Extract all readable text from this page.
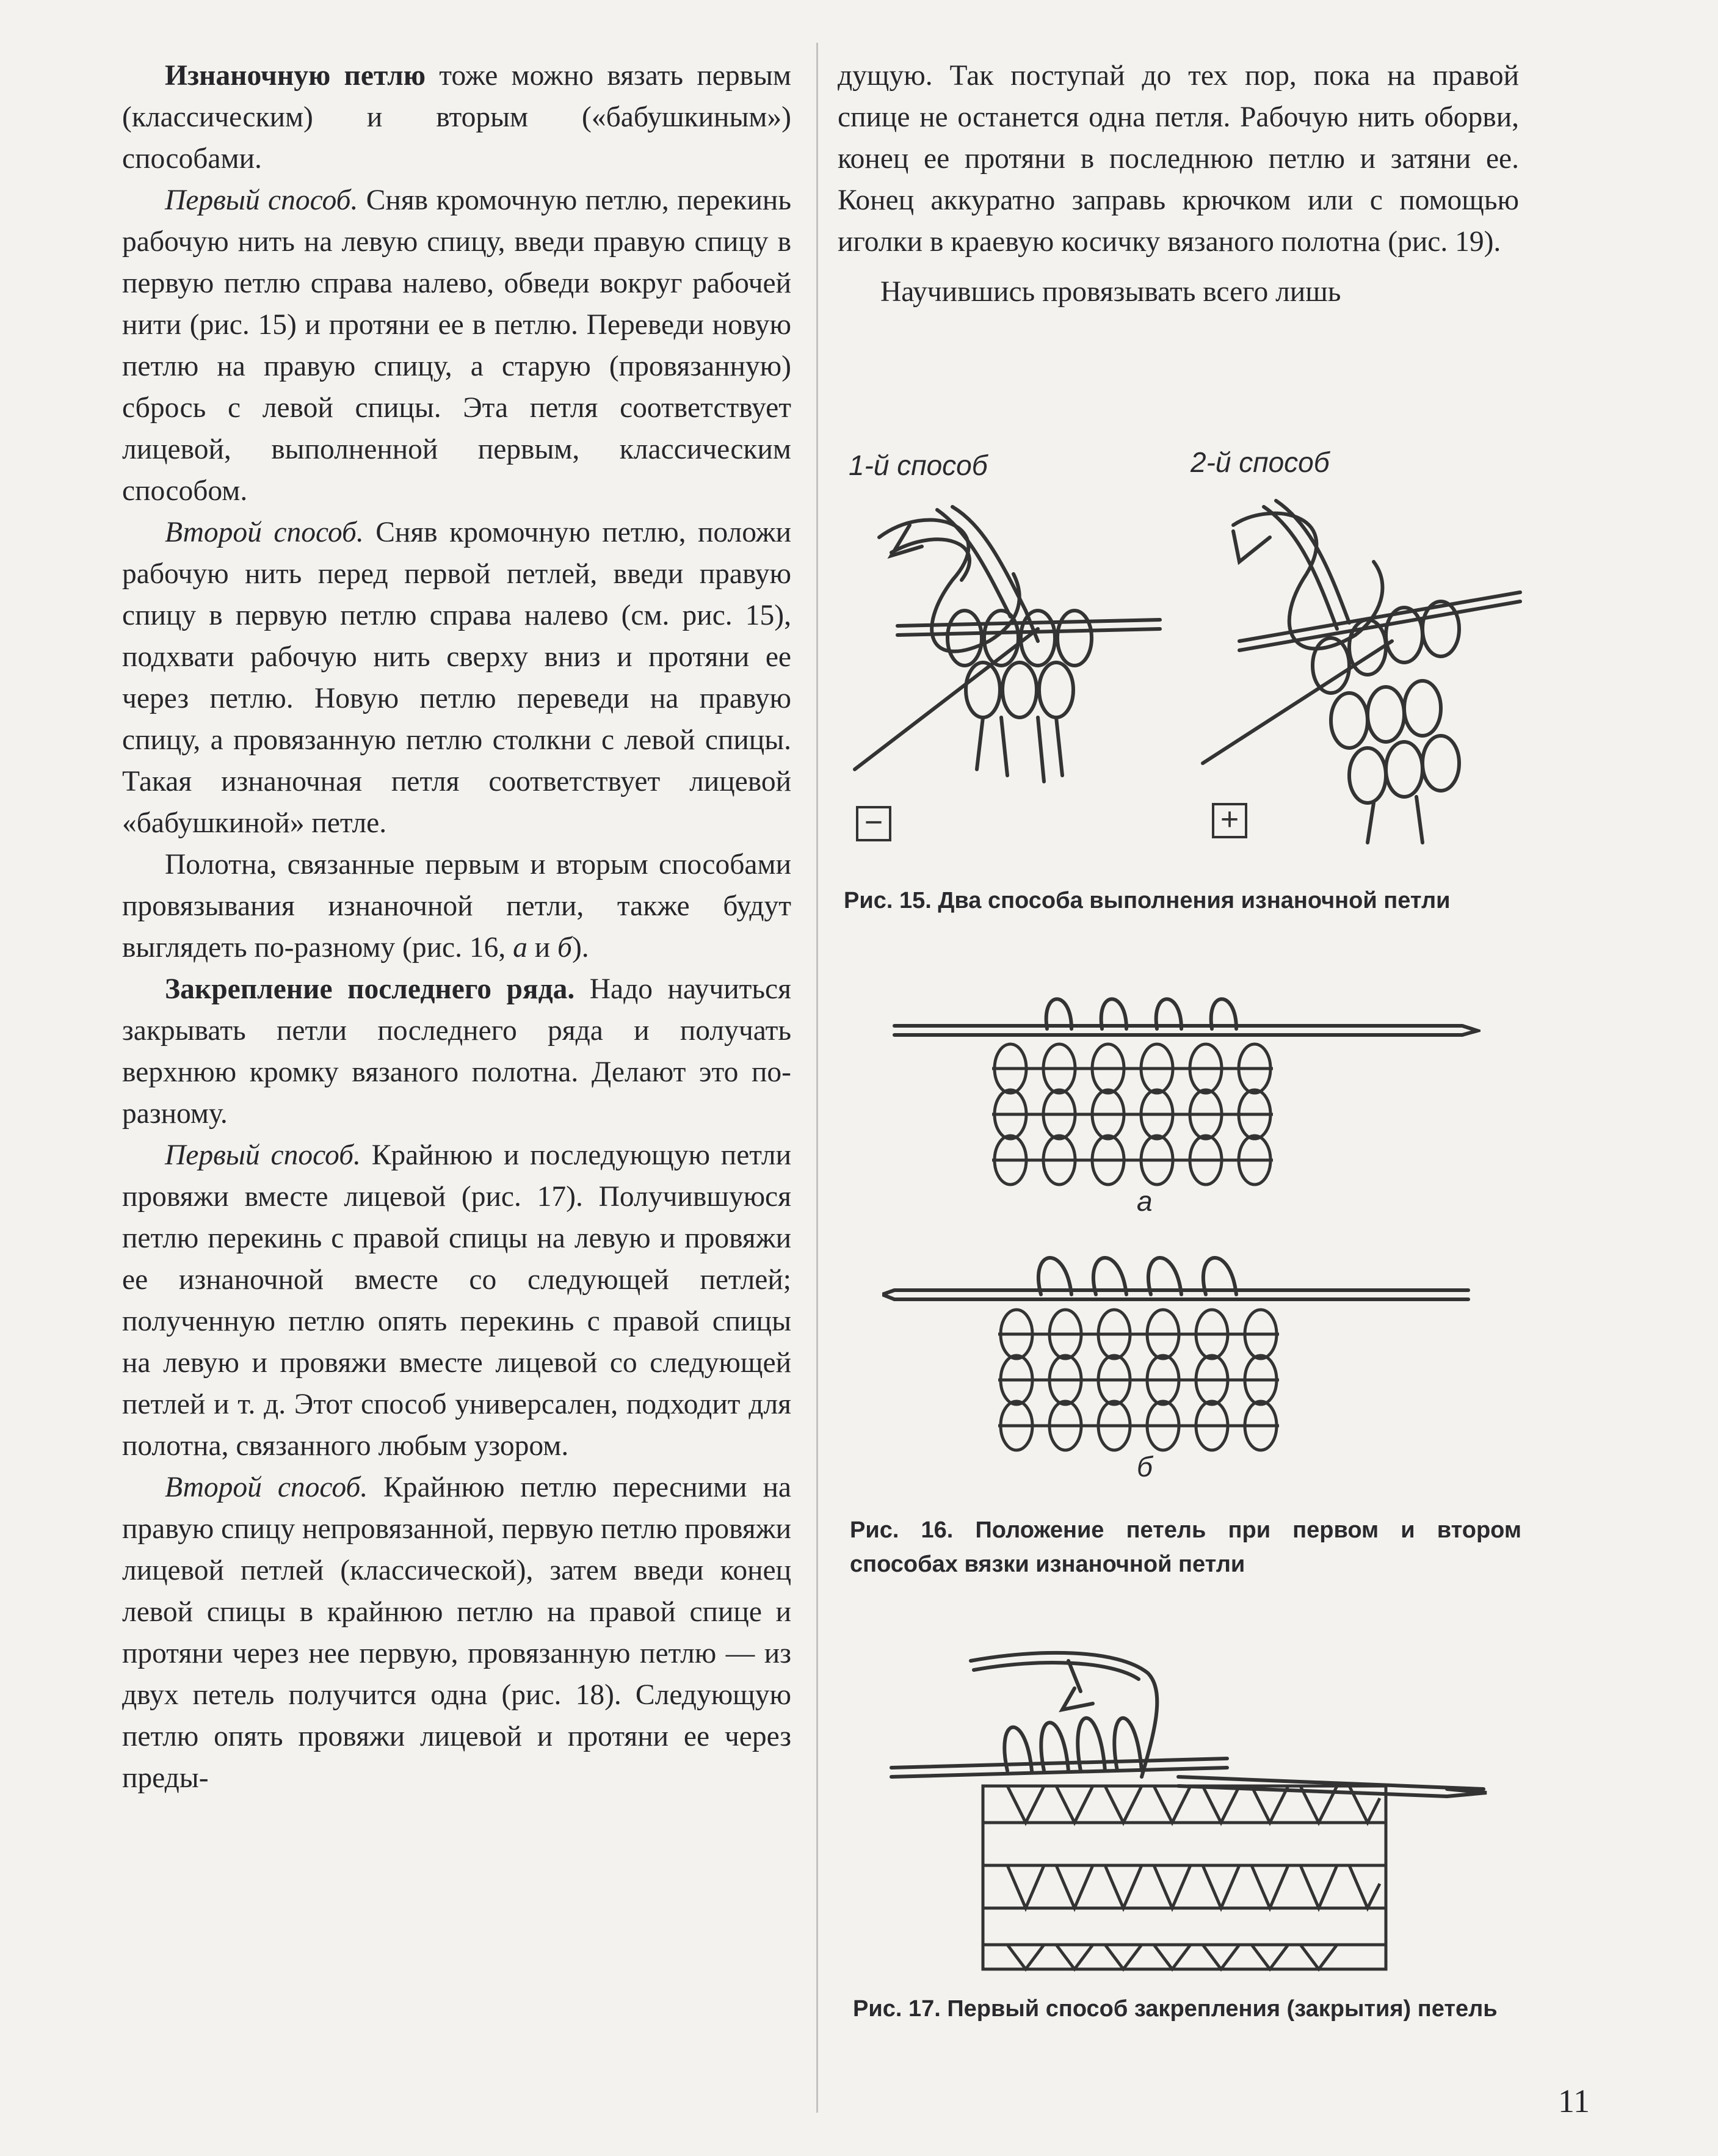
Изнаночную петлю тоже можно вязать первым (классическим) и вторым («бабушкиным») способами.

Первый способ. Сняв кромочную петлю, перекинь рабочую нить на левую спицу, введи правую спицу в первую петлю справа налево, обведи вокруг рабочей нити (рис. 15) и протяни ее в петлю. Переведи новую петлю на правую спицу, а старую (провязанную) сбрось с левой спицы. Эта петля соответствует лицевой, выполненной первым, классическим способом.

Второй способ. Сняв кромочную петлю, положи рабочую нить перед первой петлей, введи правую спицу в первую петлю справа налево (см. рис. 15), подхвати рабочую нить сверху вниз и протяни ее через петлю. Новую петлю переведи на правую спицу, а провязанную петлю столкни с левой спицы. Такая изнаночная петля соответствует лицевой «бабушкиной» петле.

Полотна, связанные первым и вторым способами провязывания изнаночной петли, также будут выглядеть по-разному (рис. 16, а и б).

Закрепление последнего ряда. Надо научиться закрывать петли последнего ряда и получать верхнюю кромку вязаного полотна. Делают это по-разному.

Первый способ. Крайнюю и последующую петли провяжи вместе лицевой (рис. 17). Получившуюся петлю перекинь с правой спицы на левую и провяжи ее изнаночной вместе со следующей петлей; полученную петлю опять перекинь с правой спицы на левую и провяжи вместе лицевой со следующей петлей и т. д. Этот способ универсален, подходит для полотна, связанного любым узором.

Второй способ. Крайнюю петлю пересними на правую спицу непровязанной, первую петлю провяжи лицевой петлей (классической), затем введи конец левой спицы в крайнюю петлю на правой спице и протяни через нее первую, провязанную петлю — из двух петель получится одна (рис. 18). Следующую петлю опять провяжи лицевой и протяни ее через преды-

дущую. Так поступай до тех пор, пока на правой спице не останется одна петля. Рабочую нить оборви, конец ее протяни в последнюю петлю и затяни ее. Конец аккуратно заправь крючком или с помощью иголки в краевую косичку вязаного полотна (рис. 19).

Научившись провязывать всего лишь

1-й способ	2-й способ
−	+
Рис. 15. Два способа выполнения изнаночной петли
а
б
Рис. 16. Положение петель при первом и втором способах вязки изнаночной петли
Рис. 17. Первый способ закрепления (закрытия) петель
11
